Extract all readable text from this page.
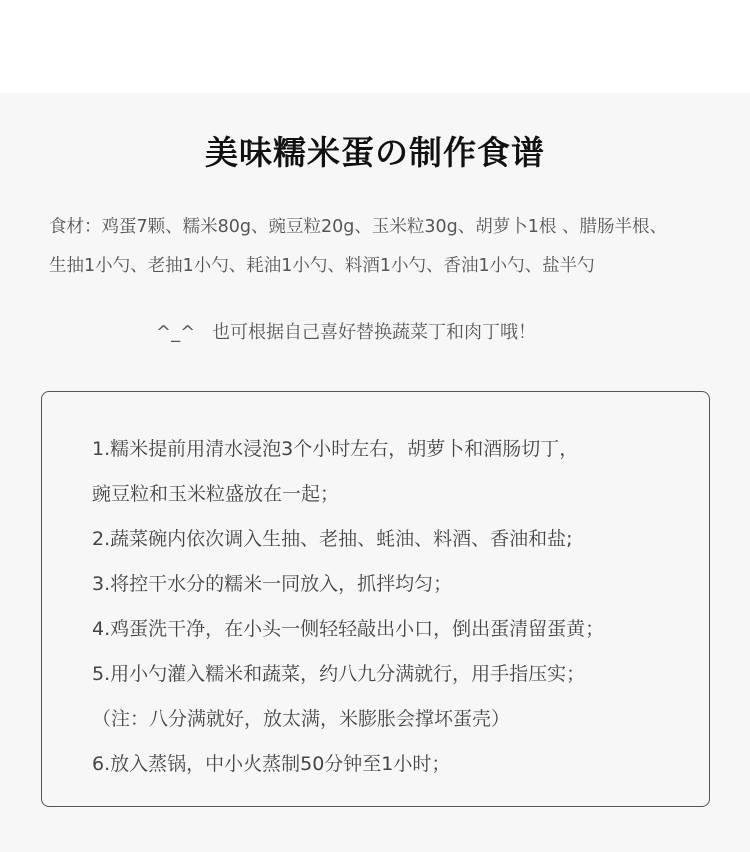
美味糯米蛋の制作食谱
食材：鸡蛋7颗、糯米80g、豌豆粒20g、玉米粒30g、胡萝卜1根 、腊肠半根、
生抽1小勺、老抽1小勺、耗油1小勺、料酒1小勺、香油1小勺、盐半勺
^_^ 也可根据自己喜好替换蔬菜丁和肉丁哦！
1.糯米提前用清水浸泡3个小时左右，胡萝卜和酒肠切丁，
豌豆粒和玉米粒盛放在一起；
2.蔬菜碗内依次调入生抽、老抽、蚝油、料酒、香油和盐;
3.将控干水分的糯米一同放入，抓拌均匀；
4.鸡蛋洗干净，在小头一侧轻轻敲出小口，倒出蛋清留蛋黄；
5.用小勺灌入糯米和蔬菜，约八九分满就行，用手指压实；
（注：八分满就好，放太满，米膨胀会撑坏蛋壳）
6.放入蒸锅，中小火蒸制50分钟至1小时；
